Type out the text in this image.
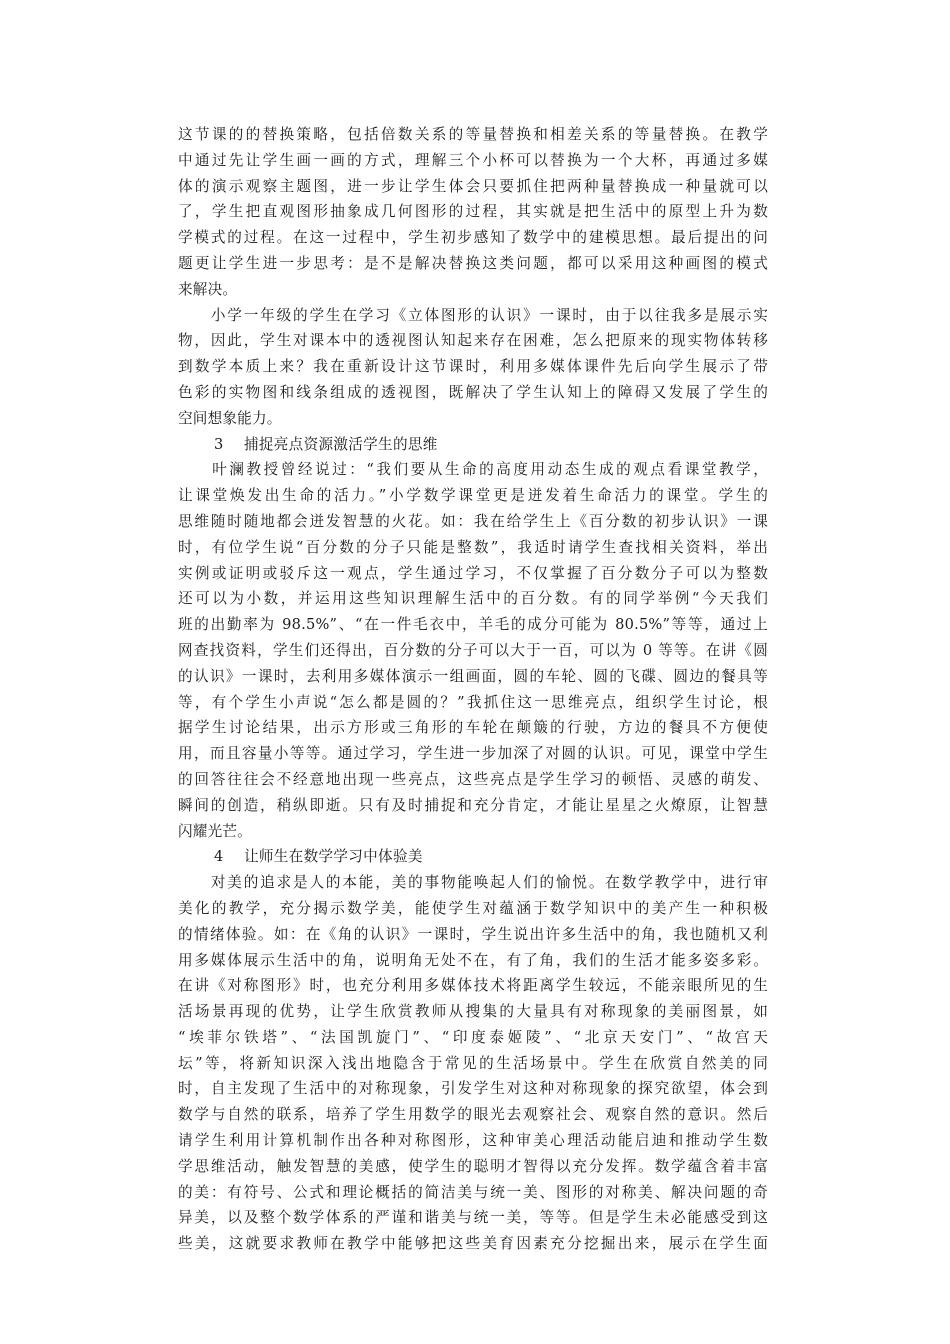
这节课的的替换策略，包括倍数关系的等量替换和相差关系的等量替换。在教学
中通过先让学生画一画的方式，理解三个小杯可以替换为一个大杯，再通过多媒
体的演示观察主题图，进一步让学生体会只要抓住把两种量替换成一种量就可以
了，学生把直观图形抽象成几何图形的过程，其实就是把生活中的原型上升为数
学模式的过程。在这一过程中，学生初步感知了数学中的建模思想。最后提出的问
题更让学生进一步思考：是不是解决替换这类问题，都可以采用这种画图的模式
来解决。
　　小学一年级的学生在学习《立体图形的认识》一课时，由于以往我多是展示实
物，因此，学生对课本中的透视图认知起来存在困难，怎么把原来的现实物体转移
到数学本质上来？我在重新设计这节课时，利用多媒体课件先后向学生展示了带
色彩的实物图和线条组成的透视图，既解决了学生认知上的障碍又发展了学生的
空间想象能力。
3 捕捉亮点资源激活学生的思维
　　叶澜教授曾经说过：“我们要从生命的高度用动态生成的观点看课堂教学，
让课堂焕发出生命的活力。”小学数学课堂更是迸发着生命活力的课堂。学生的
思维随时随地都会迸发智慧的火花。如：我在给学生上《百分数的初步认识》一课
时，有位学生说“百分数的分子只能是整数”，我适时请学生查找相关资料，举出
实例或证明或驳斥这一观点，学生通过学习，不仅掌握了百分数分子可以为整数
还可以为小数，并运用这些知识理解生活中的百分数。有的同学举例“今天我们
班的出勤率为 98.5%”、“在一件毛衣中，羊毛的成分可能为 80.5%”等等，通过上
网查找资料，学生们还得出，百分数的分子可以大于一百，可以为 0 等等。在讲《圆
的认识》一课时，去利用多媒体演示一组画面，圆的车轮、圆的飞碟、圆边的餐具等
等，有个学生小声说“怎么都是圆的？”我抓住这一思维亮点，组织学生讨论，根
据学生讨论结果，出示方形或三角形的车轮在颠簸的行驶，方边的餐具不方便使
用，而且容量小等等。通过学习，学生进一步加深了对圆的认识。可见，课堂中学生
的回答往往会不经意地出现一些亮点，这些亮点是学生学习的顿悟、灵感的萌发、
瞬间的创造，稍纵即逝。只有及时捕捉和充分肯定，才能让星星之火燎原，让智慧
闪耀光芒。
4 让师生在数学学习中体验美
　　对美的追求是人的本能，美的事物能唤起人们的愉悦。在数学教学中，进行审
美化的教学，充分揭示数学美，能使学生对蕴涵于数学知识中的美产生一种积极
的情绪体验。如：在《角的认识》一课时，学生说出许多生活中的角，我也随机又利
用多媒体展示生活中的角，说明角无处不在，有了角，我们的生活才能多姿多彩。
在讲《对称图形》时，也充分利用多媒体技术将距离学生较远，不能亲眼所见的生
活场景再现的优势，让学生欣赏教师从搜集的大量具有对称现象的美丽图景，如
“埃菲尔铁塔”、“法国凯旋门”、“印度泰姬陵”、“北京天安门”、“故宫天
坛”等，将新知识深入浅出地隐含于常见的生活场景中。学生在欣赏自然美的同
时，自主发现了生活中的对称现象，引发学生对这种对称现象的探究欲望，体会到
数学与自然的联系，培养了学生用数学的眼光去观察社会、观察自然的意识。然后
请学生利用计算机制作出各种对称图形，这种审美心理活动能启迪和推动学生数
学思维活动，触发智慧的美感，使学生的聪明才智得以充分发挥。数学蕴含着丰富
的美：有符号、公式和理论概括的简洁美与统一美、图形的对称美、解决问题的奇
异美，以及整个数学体系的严谨和谐美与统一美，等等。但是学生未必能感受到这
些美，这就要求教师在教学中能够把这些美育因素充分挖掘出来，展示在学生面
